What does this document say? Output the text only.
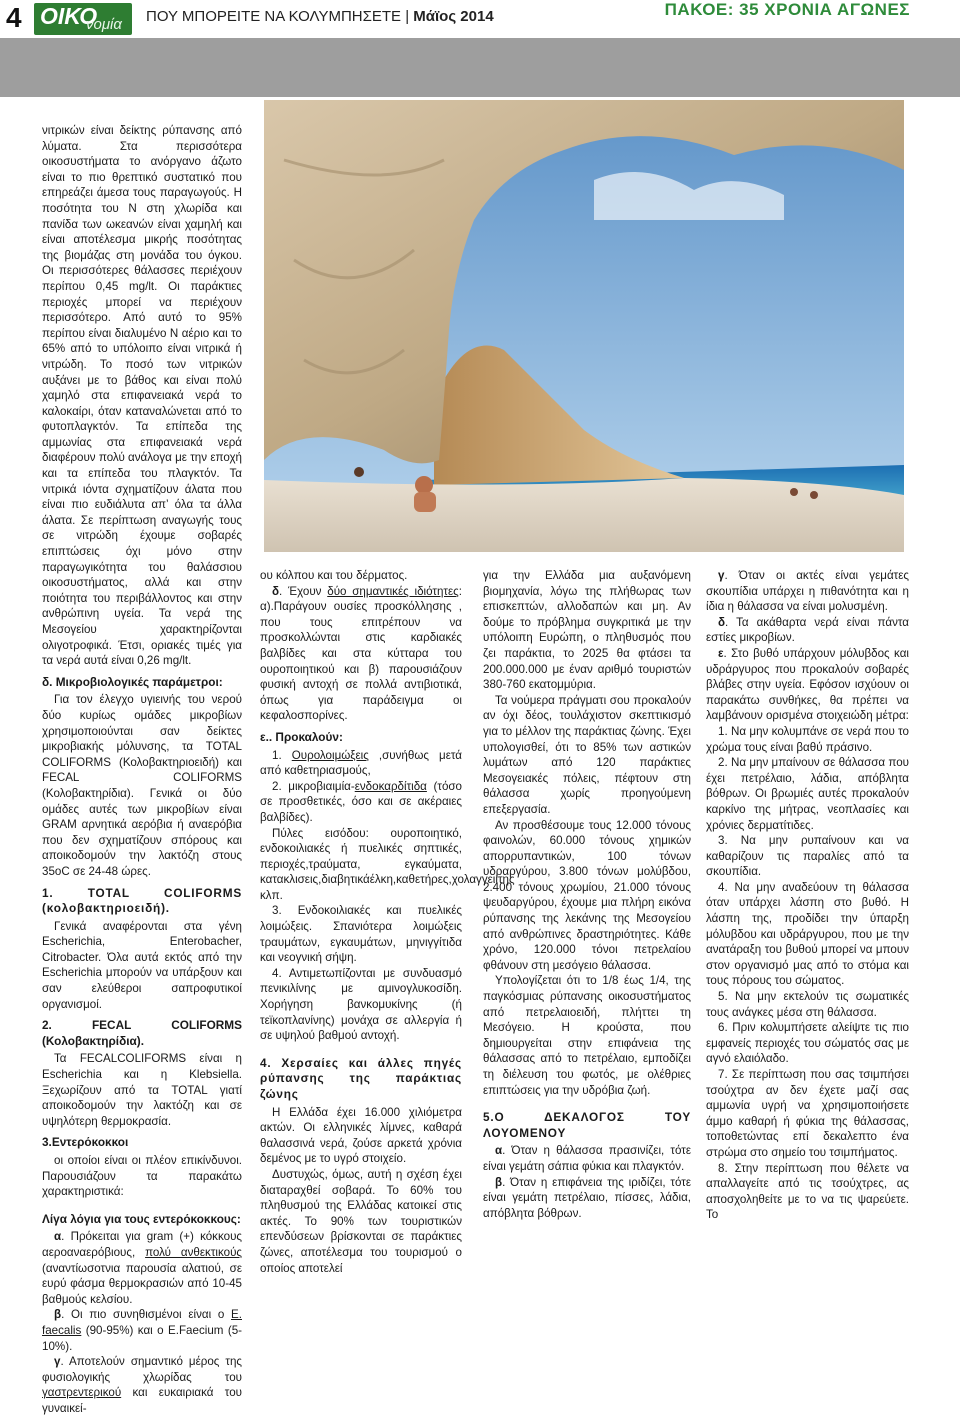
4 ΟΙΚΟ
νομία ΠΟΥ ΜΠΟΡΕΙΤΕ ΝΑ ΚΟΛΥΜΠΗΣΕΤΕ | Μάϊος 2014	ΠΑΚΟΕ: 35 ΧΡΟΝΙΑ ΑΓΩΝΕΣ

νιτρικών είναι δείκτης ρύπανσης από λύματα. Στα περισσότερα οικοσυστήματα το ανόργανο άζωτο είναι το πιο θρεπτικό συστατικό που επηρεάζει άμεσα τους παραγωγούς. Η ποσότητα του Ν στη χλωρίδα και πανίδα των ωκεανών είναι χαμηλή και είναι αποτέλεσμα μικρής ποσότητας της βιομάζας στη μονάδα του όγκου. Οι περισσότερες θάλασσες περιέχουν περίπου 0,45 mg/lt. Οι παράκτιες περιοχές μπορεί να περιέχουν περισσότερο. Από αυτό το 95% περίπου είναι διαλυμένο Ν αέριο και το 65% από το υπόλοιπο είναι νιτρικά ή νιτρώδη. Το ποσό των νιτρικών αυξάνει με το βάθος και είναι πολύ χαμηλό στα επιφανειακά νερά το καλοκαίρι, όταν καταναλώνεται από το φυτοπλαγκτόν. Τα επίπεδα της αμμωνίας στα επιφανειακά νερά διαφέρουν πολύ ανάλογα με την εποχή και τα επίπεδα του πλαγκτόν. Τα νιτρικά ιόντα σχηματίζουν άλατα που είναι πιο ευδιάλυτα απ’ όλα τα άλλα άλατα. Σε περίπτωση αναγωγής τους σε νιτρώδη έχουμε σοβαρές επιπτώσεις όχι μόνο στην παραγωγικότητα του θαλάσσιου οικοσυστήματος, αλλά και στην ποιότητα του περιβάλλοντος και στην ανθρώπινη υγεία. Τα νερά της Μεσογείου χαρακτηρίζονται ολιγοτροφικά. Έτσι, οριακές τιμές για τα νερά αυτά είναι 0,26 mg/lt.

δ. Μικροβιολογικές παράμετροι:

Για τον έλεγχο υγιεινής του νερού δύο κυρίως ομάδες μικροβίων χρησιμοποιούνται σαν δείκτες μικροβιακής μόλυνσης, τα TOTAL COLIFORMS (Κολοβακτηριοειδή) και FECAL COLIFORMS (Κολοβακτηρίδια). Γενικά οι δύο ομάδες αυτές των μικροβίων είναι GRAM αρνητικά αερόβια ή αναερόβια που δεν σχηματίζουν σπόρους και αποικοδομούν την λακτόζη στους 35oC σε 24-48 ώρες.

1. TOTAL COLIFORMS (κολοβακτηριοειδή).

Γενικά αναφέρονται στα γένη Escherichia, Enterobacher, Citrobacter. Όλα αυτά εκτός από την Escherichia μπορούν να υπάρξουν και σαν ελεύθεροι σαπροφυτικοί οργανισμοί.

2. FECAL COLIFORMS (Κολοβακτηρίδια).

Τα FECALCOLIFORMS είναι η Escherichia και η Klebsiella. Ξεχωρίζουν από τα TOTAL γιατί αποικοδομούν την λακτόζη και σε υψηλότερη θερμοκρασία.

3.Εντερόκοκκοι

οι οποίοι είναι οι πλέον επικίνδυνοι. Παρουσιάζουν τα παρακάτω χαρακτηριστικά:

Λίγα λόγια για τους εντερόκοκκους:

α. Πρόκειται για gram (+) κόκκους αεροαναερόβιους, πολύ ανθεκτικούς (αναντίωσοτνια παρουσία αλατιού, σε ευρύ φάσμα θερμοκρασιών από 10-45 βαθμούς κελσίου.

β. Οι πιο συνηθισμένοι είναι ο E. faecalis (90-95%) και ο E.Faecium (5-10%).

γ. Αποτελούν σημαντικό μέρος της φυσιολογικής χλωρίδας του γαστρεντερικού και ευκαιριακά του γυναικεί-

ου κόλπου και του δέρματος.

δ. Έχουν δύο σημαντικές ιδιότητες: α).Παράγουν ουσίες προσκόλλησης , που τους επιτρέπουν να προσκολλώνται στις καρδιακές βαλβίδες και στα κύτταρα του ουροποιητικού και β) παρουσιάζουν φυσική αντοχή σε πολλά αντιβιοτικά, όπως για παράδειγμα οι κεφαλοσπορίνες.

ε.. Προκαλούν:

1. Ουρολοιμώξεις ,συνήθως μετά από καθετηριασμούς,

2. μικροβιαιμία-ενδοκαρδίτιδα (τόσο σε προσθετικές, όσο και σε ακέραιες βαλβίδες).

Πύλες εισόδου: ουροποιητικό, ενδοκοιλιακές ή πυελικές σηπτικές, περιοχές,τραύματα, εγκαύματα, κατακλισεις,διαβητικάέλκη,καθετήρες,χολαγγειίτης κλπ.

3. Ενδοκοιλιακές και πυελικές λοιμώξεις. Σπανιότερα λοιμώξεις τραυμάτων, εγκαυμάτων, μηνιγγίτιδα και νεογνική σήψη.

4. Αντιμετωπίζονται με συνδυασμό πενικιλίνης με αμινογλυκοσίδη. Χορήγηση βανκομυκίνης (ή τεϊκοπλανίνης) μονάχα σε αλλεργία ή σε υψηλού βαθμού αντοχή.

4. Χερσαίες και άλλες πηγές ρύπανσης της παράκτιας ζώνης

Η Ελλάδα έχει 16.000 χιλιόμετρα ακτών. Οι ελληνικές λίμνες, καθαρά θαλασσινά νερά, ζούσε αρκετά χρόνια δεμένος με το υγρό στοιχείο.

Δυστυχώς, όμως, αυτή η σχέση έχει διαταραχθεί σοβαρά. Το 60% του πληθυσμού της Ελλάδας κατοικεί στις ακτές. Το 90% των τουριστικών επενδύσεων βρίσκονται σε παράκτιες ζώνες, αποτέλεσμα του τουρισμού ο οποίος αποτελεί

για την Ελλάδα μια αυξανόμενη βιομηχανία, λόγω της πλήθωρας των επισκεπτών, αλλοδαπών και μη. Αν δούμε το πρόβλημα συγκριτικά με την υπόλοιπη Ευρώπη, ο πληθυσμός που ζει παράκτια, το 2025 θα φτάσει τα 200.000.000 με έναν αριθμό τουριστών 380-760 εκατομμύρια.

Τα νούμερα πράγματι σου προκαλούν αν όχι δέος, τουλάχιστον σκεπτικισμό για το μέλλον της παράκτιας ζώνης. Έχει υπολογισθεί, ότι το 85% των αστικών λυμάτων από 120 παράκτιες Μεσογειακές πόλεις, πέφτουν στη θάλασσα χωρίς προηγούμενη επεξεργασία.

Αν προσθέσουμε τους 12.000 τόνους φαινολών, 60.000 τόνους χημικών απορρυπαντικών, 100 τόνων υδραργύρου, 3.800 τόνων μολύβδου, 2.400 τόνους χρωμίου, 21.000 τόνους ψευδαργύρου, έχουμε μια πλήρη εικόνα ρύπανσης της λεκάνης της Μεσογείου από ανθρώπινες δραστηριότητες. Κάθε χρόνο, 120.000 τόνοι πετρελαίου φθάνουν στη μεσόγειο θάλασσα.

Υπολογίζεται ότι το 1/8 έως 1/4, της παγκόσμιας ρύπανσης οικοσυστήματος από πετρελαιοειδή, πλήττει τη Μεσόγειο. Η κρούστα, που δημιουργείται στην επιφάνεια της θάλασσας από το πετρέλαιο, εμποδίζει τη διέλευση του φωτός, με ολέθριες επιπτώσεις για την υδρόβια ζωή.

5.Ο ΔΕΚΑΛΟΓΟΣ ΤΟΥ ΛΟΥΟΜΕΝΟΥ

α. Όταν η θάλασσα πρασινίζει, τότε είναι γεμάτη σάπια φύκια και πλαγκτόν.

β. Όταν η επιφάνεια της ιριδίζει, τότε είναι γεμάτη πετρέλαιο, πίσσες, λάδια, απόβλητα βόθρων.

γ. Όταν οι ακτές είναι γεμάτες σκουπίδια υπάρχει η πιθανότητα και η ίδια η θάλασσα να είναι μολυσμένη.

δ. Τα ακάθαρτα νερά είναι πάντα εστίες μικροβίων.

ε. Στο βυθό υπάρχουν μόλυβδος και υδράργυρος που προκαλούν σοβαρές βλάβες στην υγεία. Εφόσον ισχύουν οι παρακάτω συνθήκες, θα πρέπει να λαμβάνουν ορισμένα στοιχειώδη μέτρα:

1. Να μην κολυμπάνε σε νερά που το χρώμα τους είναι βαθύ πράσινο.

2. Να μην μπαίνουν σε θάλασσα που έχει πετρέλαιο, λάδια, απόβλητα βόθρων. Οι βρωμιές αυτές προκαλούν καρκίνο της μήτρας, νεοπλασίες και χρόνιες δερματίτιδες.

3. Να μην ρυπαίνουν και να καθαρίζουν τις παραλίες από τα σκουπίδια.

4. Να μην αναδεύουν τη θάλασσα όταν υπάρχει λάσπη στο βυθό. Η λάσπη της, προδίδει την ύπαρξη μόλυβδου και υδράργυρου, που με την ανατάραξη του βυθού μπορεί να μπουν στον οργανισμό μας από το στόμα και τους πόρους του σώματος.

5. Να μην εκτελούν τις σωματικές τους ανάγκες μέσα στη θάλασσα.

6. Πριν κολυμπήσετε αλείψτε τις πιο εμφανείς περιοχές του σώματός σας με αγνό ελαιόλαδο.

7. Σε περίπτωση που σας τσιμπήσει τσούχτρα αν δεν έχετε μαζί σας αμμωνία υγρή να χρησιμοποιήσετε άμμο καθαρή ή φύκια της θάλασσας, τοποθετώντας επί δεκαλεπτο ένα στρώμα στο σημείο του τσιμπήματος.

8. Στην περίπτωση που θέλετε να απαλλαγείτε από τις τσούχτρες, ας αποσχοληθείτε με το να τις ψαρεύετε. Το
